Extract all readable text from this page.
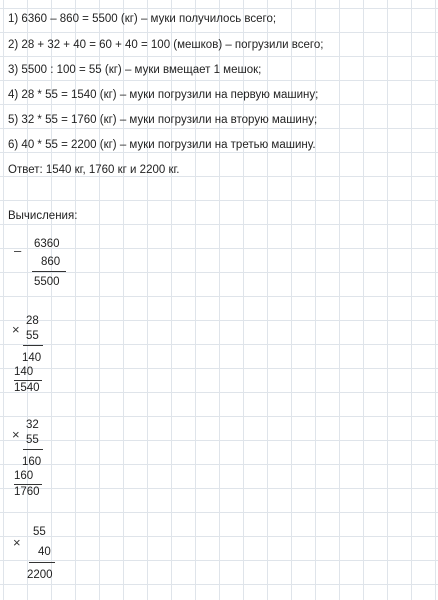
1) 6360 – 860 = 5500 (кг) – муки получилось всего;
2) 28 + 32 + 40 = 60 + 40 = 100 (мешков) – погрузили всего;
3) 5500 : 100 = 55 (кг) – муки вмещает 1 мешок;
4) 28 * 55 = 1540 (кг) – муки погрузили на первую машину;
5) 32 * 55 = 1760 (кг) – муки погрузили на вторую машину;
6) 40 * 55 = 2200 (кг) – муки погрузили на третью машину.
Ответ: 1540 кг, 1760 кг и 2200 кг.
Вычисления:
– 6360
860
5500
×
28
55
140
140
1540
×
32
55
160
160
1760
×
55
40
2200
